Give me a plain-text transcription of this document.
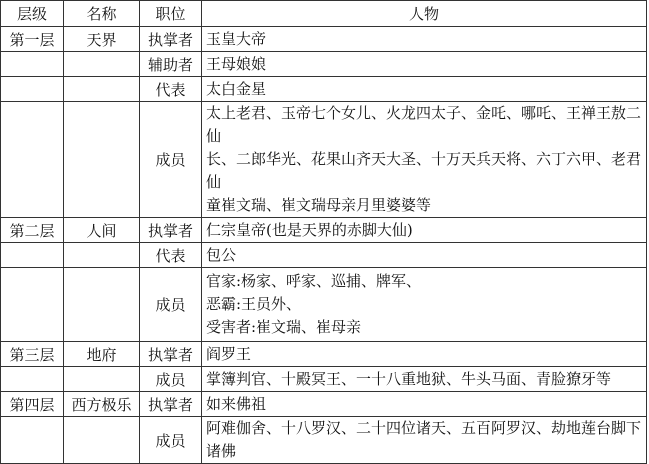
层级	名称	职位	人物
第一层	天界	执掌者	玉皇大帝

		辅助者	王母娘娘

		代表	太白金星

		成员	太上老君、玉帝七个女儿、火龙四太子、金吒、哪吒、王禅王敖二仙
长、二郎华光、花果山齐天大圣、十万天兵天将、六丁六甲、老君仙
童崔文瑞、崔文瑞母亲月里婆婆等

第二层	人间	执掌者	仁宗皇帝(也是天界的赤脚大仙)

		代表	包公

		成员	官家:杨家、呼家、巡捕、牌军、
恶霸:王员外、
受害者:崔文瑞、崔母亲

第三层	地府	执掌者	阎罗王

		成员	掌簿判官、十殿冥王、一十八重地狱、牛头马面、青脸獠牙等

第四层	西方极乐	执掌者	如来佛祖

		成员	阿难伽舍、十八罗汉、二十四位诸天、五百阿罗汉、劫地莲台脚下
诸佛
